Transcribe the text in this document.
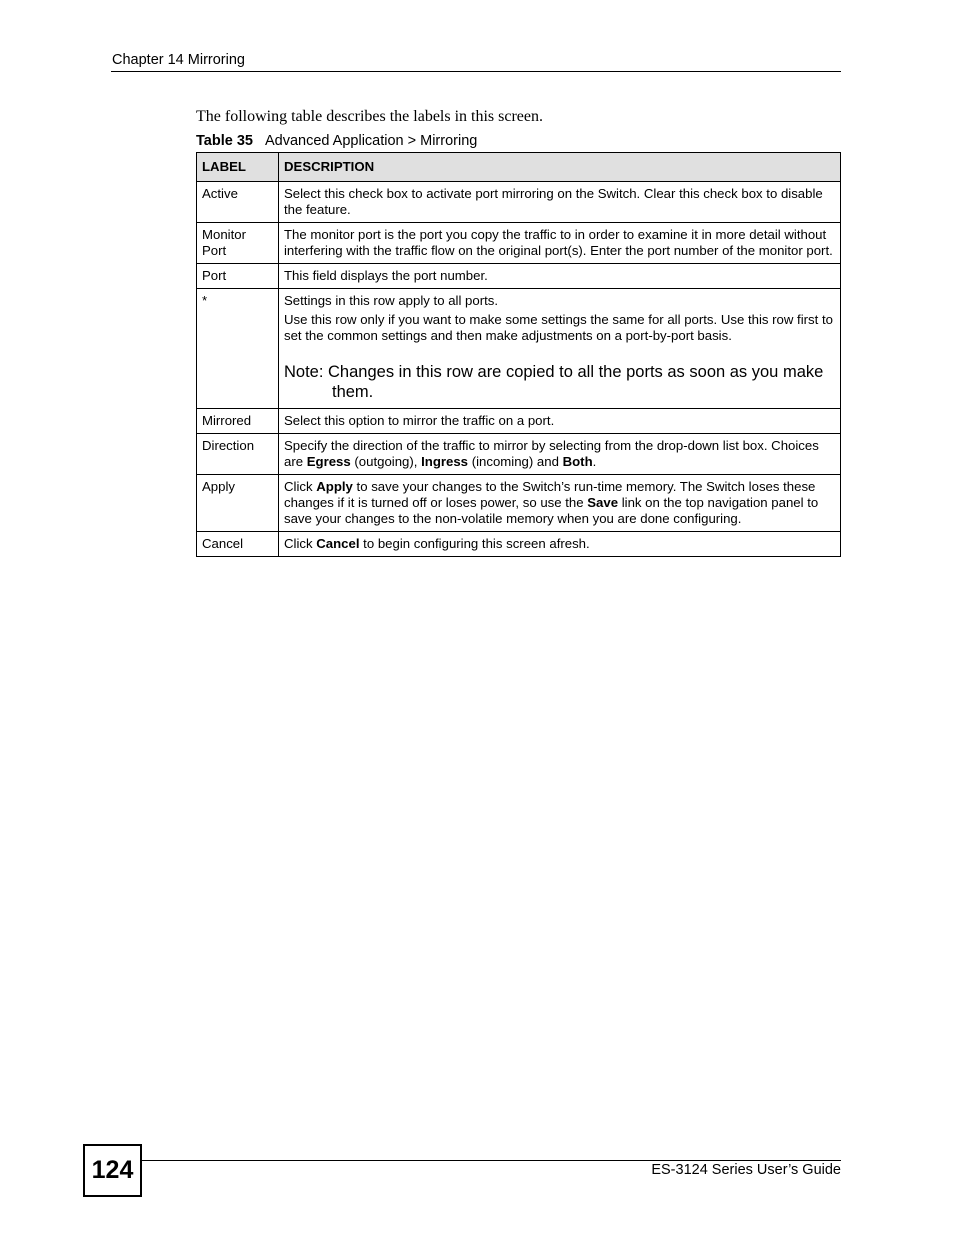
Chapter 14 Mirroring
The following table describes the labels in this screen.
Table 35 Advanced Application > Mirroring
LABEL	DESCRIPTION
Active	Select this check box to activate port mirroring on the Switch. Clear this check box to disable the feature.

Monitor Port	The monitor port is the port you copy the traffic to in order to examine it in more detail without interfering with the traffic flow on the original port(s). Enter the port number of the monitor port.

Port	This field displays the port number.

*	Settings in this row apply to all ports.

Use this row only if you want to make some settings the same for all ports. Use this row first to set the common settings and then make adjustments on a port-by-port basis.

Note: Changes in this row are copied to all the ports as soon as you make them.

Mirrored	Select this option to mirror the traffic on a port.

Direction	Specify the direction of the traffic to mirror by selecting from the drop-down list box. Choices are Egress (outgoing), Ingress (incoming) and Both.

Apply	Click Apply to save your changes to the Switch’s run-time memory. The Switch loses these changes if it is turned off or loses power, so use the Save link on the top navigation panel to save your changes to the non-volatile memory when you are done configuring.

Cancel	Click Cancel to begin configuring this screen afresh.

124	ES-3124 Series User’s Guide
